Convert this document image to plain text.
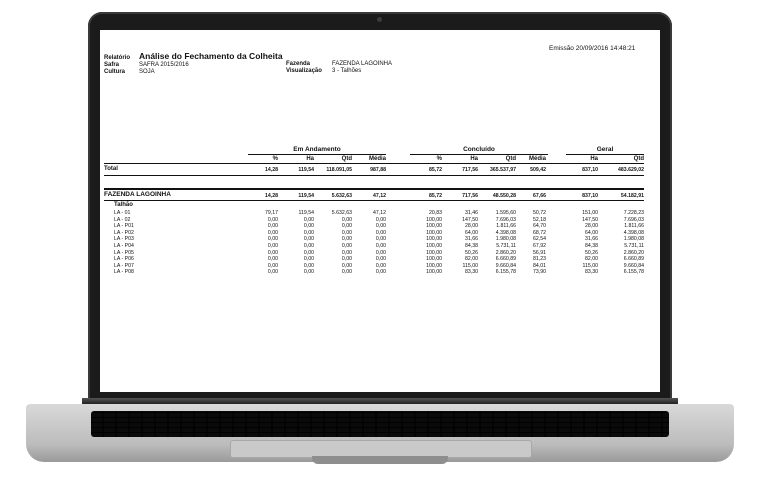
Emissão 20/09/2016 14:48:21
Relatório	Análise do Fechamento da Colheita
Safra	SAFRA 2015/2016
Cultura	SOJA
Fazenda	FAZENDA LAGOINHA
Visualização	3 - Talhões
Em Andamento	Concluído	Geral
%	Ha	Qtd	Média	%	Ha	Qtd	Média	Ha	Qtd
Total	14,28	119,54	118.091,05	987,88	85,72	717,56	365.537,97	509,42	837,10	483.629,02
FAZENDA LAGOINHA	14,28	119,54	5.632,63	47,12	85,72	717,56	48.550,28	67,66	837,10	54.182,91
Talhão
LA - 01	79,17	119,54	5.632,63	47,12	20,83	31,46	1.595,60	50,72	151,00	7.228,23
LA - 02	0,00	0,00	0,00	0,00	100,00	147,50	7.696,03	52,18	147,50	7.696,03
LA - P01	0,00	0,00	0,00	0,00	100,00	28,00	1.811,66	64,70	28,00	1.811,66
LA - P02	0,00	0,00	0,00	0,00	100,00	64,00	4.398,08	68,72	64,00	4.398,08
LA - P03	0,00	0,00	0,00	0,00	100,00	31,66	1.980,08	62,54	31,66	1.980,08
LA - P04	0,00	0,00	0,00	0,00	100,00	84,38	5.731,11	67,92	84,38	5.731,11
LA - P05	0,00	0,00	0,00	0,00	100,00	50,26	2.860,20	56,91	50,26	2.860,20
LA - P06	0,00	0,00	0,00	0,00	100,00	82,00	6.660,89	81,23	82,00	6.660,89
LA - P07	0,00	0,00	0,00	0,00	100,00	115,00	9.660,84	84,01	115,00	9.660,84
LA - P08	0,00	0,00	0,00	0,00	100,00	83,30	6.155,78	73,90	83,30	6.155,78
